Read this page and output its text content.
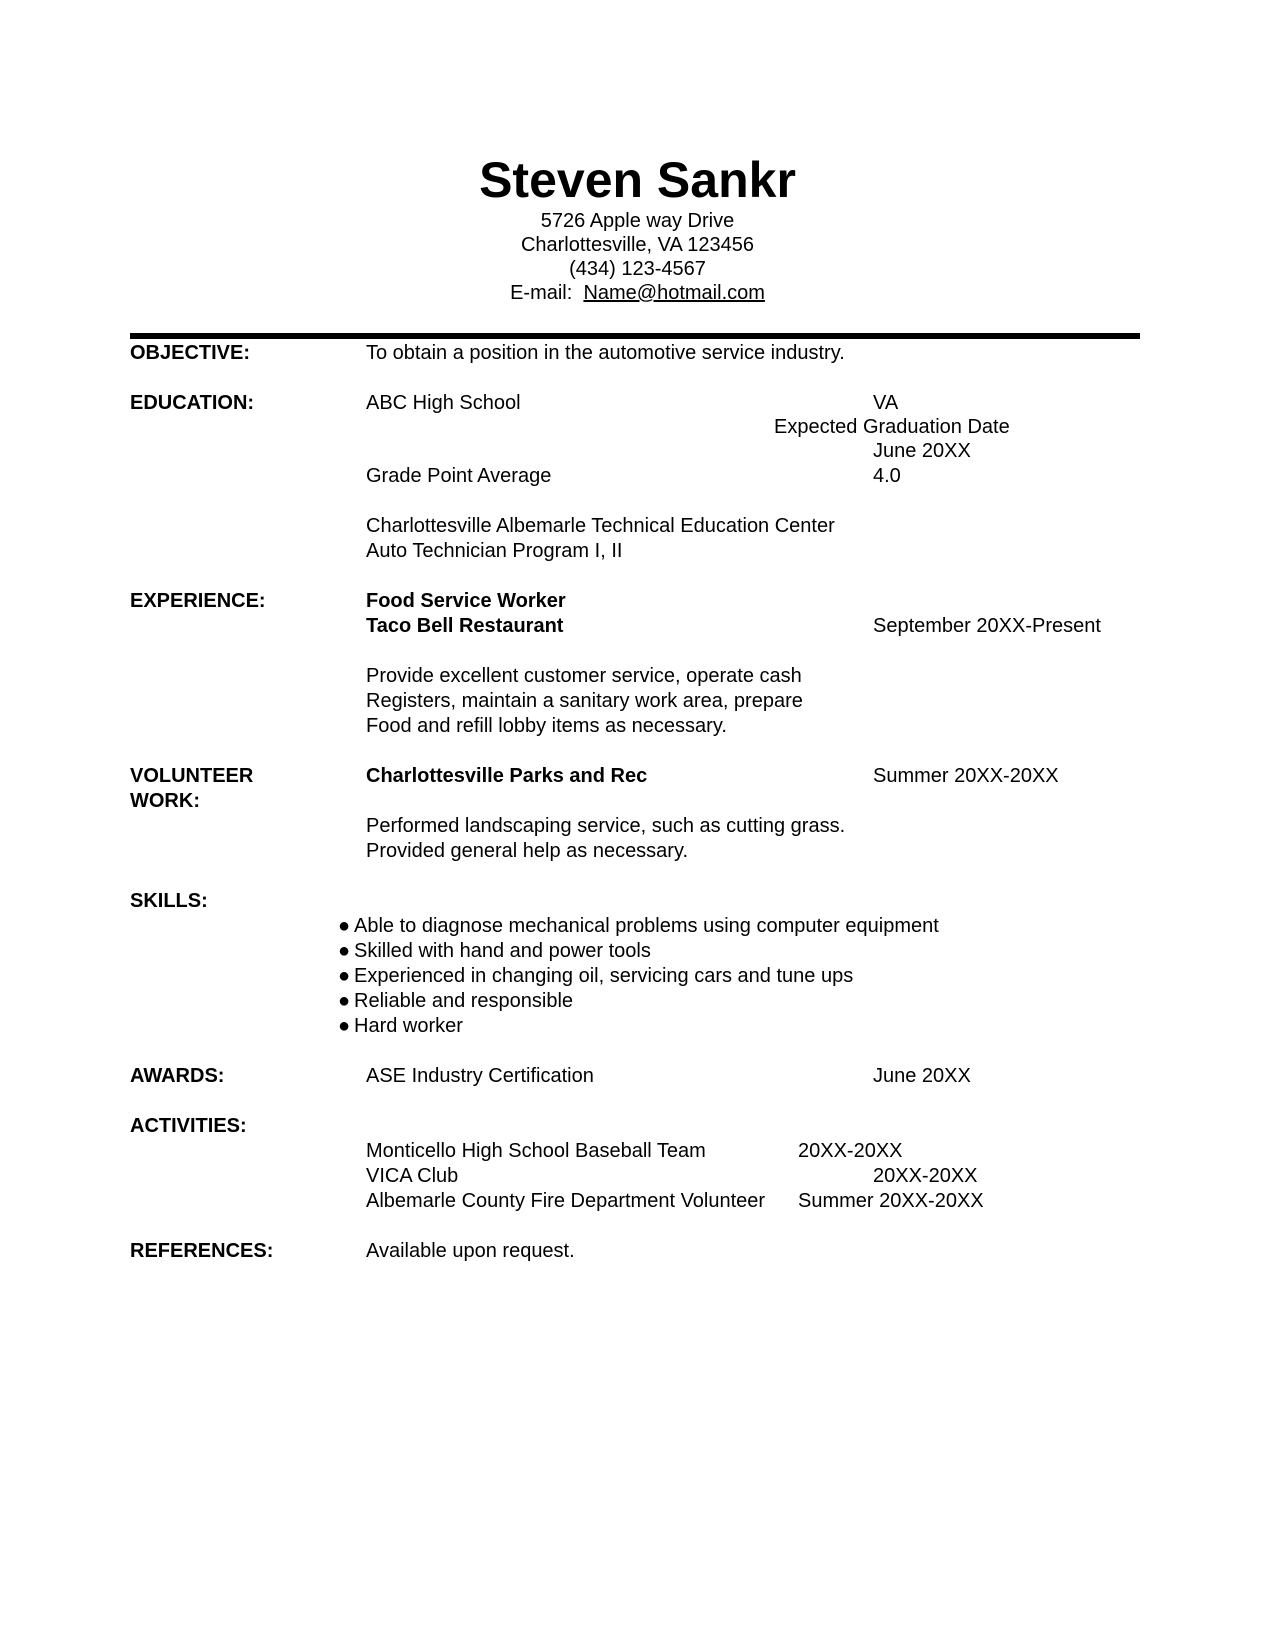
Steven Sankr
5726 Apple way Drive
Charlottesville, VA 123456
(434) 123-4567
E-mail: Name@hotmail.com
OBJECTIVE:	To obtain a position in the automotive service industry.
EDUCATION:	ABC High School	VA
Expected Graduation Date
June 20XX
Grade Point Average	4.0
Charlottesville Albemarle Technical Education Center
Auto Technician Program I, II
EXPERIENCE:	Food Service Worker
Taco Bell Restaurant	September 20XX-Present
Provide excellent customer service, operate cash
Registers, maintain a sanitary work area, prepare
Food and refill lobby items as necessary.
VOLUNTEER
WORK:
Charlottesville Parks and Rec	Summer 20XX-20XX
Performed landscaping service, such as cutting grass.
Provided general help as necessary.
SKILLS:
● Able to diagnose mechanical problems using computer equipment
● Skilled with hand and power tools
● Experienced in changing oil, servicing cars and tune ups
● Reliable and responsible
● Hard worker
AWARDS:	ASE Industry Certification	June 20XX
ACTIVITIES:
Monticello High School Baseball Team	20XX-20XX
VICA Club	20XX-20XX
Albemarle County Fire Department Volunteer Summer 20XX-20XX
REFERENCES:	Available upon request.
